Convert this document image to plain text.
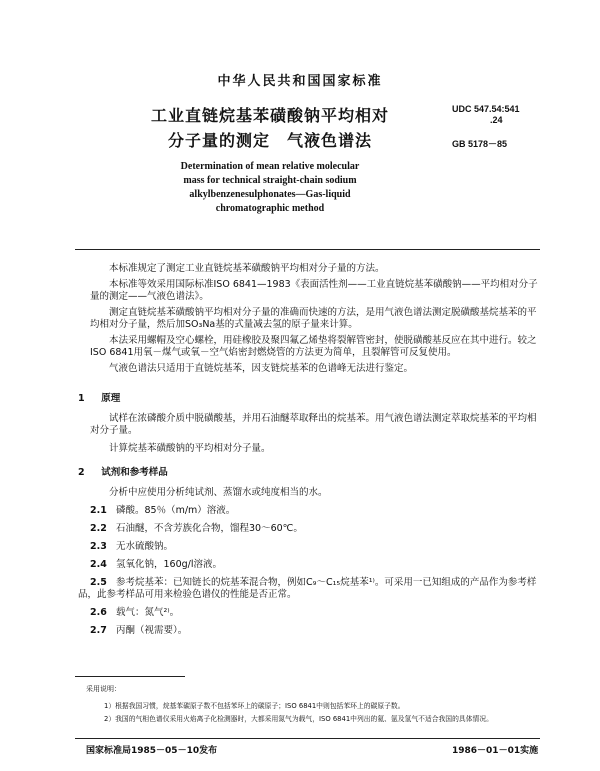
中华人民共和国国家标准
工业直链烷基苯磺酸钠平均相对
分子量的测定　气液色谱法
UDC 547.54:541
.24
GB 5178－85
Determination of mean relative molecular
mass for technical straight-chain sodium
alkylbenzenesulphonates—Gas-liquid
chromatographic method

本标准规定了测定工业直链烷基苯磺酸钠平均相对分子量的方法。

本标准等效采用国际标准ISO 6841—1983《表面活性剂——工业直链烷基苯磺酸钠——平均相对分子量的测定——气液色谱法》。

测定直链烷基苯磺酸钠平均相对分子量的准确而快速的方法，是用气液色谱法测定脱磺酸基烷基苯的平均相对分子量，然后加SO₃Na基的式量减去氢的原子量来计算。

本法采用螺帽及空心螺栓，用硅橡胶及聚四氟乙烯垫将裂解管密封，使脱磺酸基反应在其中进行。较之ISO 6841用氧－煤气或氧－空气焰密封燃烧管的方法更为简单，且裂解管可反复使用。

气液色谱法只适用于直链烷基苯，因支链烷基苯的色谱峰无法进行鉴定。

1 原理

试样在浓磷酸介质中脱磺酸基，并用石油醚萃取释出的烷基苯。用气液色谱法测定萃取烷基苯的平均相对分子量。

计算烷基苯磺酸钠的平均相对分子量。

2 试剂和参考样品

分析中应使用分析纯试剂、蒸馏水或纯度相当的水。

2.1 磷酸。85％（m/m）溶液。
2.2 石油醚，不含芳族化合物，馏程30～60℃。
2.3 无水硫酸钠。
2.4 氢氧化钠，160g/l溶液。
2.5 参考烷基苯：已知链长的烷基苯混合物，例如C₉～C₁₅烷基苯¹⁾。可采用一已知组成的产品作为参考样品，此参考样品可用来检验色谱仪的性能是否正常。
2.6 载气：氮气²⁾。
2.7 丙酮（视需要）。
采用说明：
1）根据我国习惯，烷基苯碳原子数不包括苯环上的碳原子；ISO 6841中则包括苯环上的碳原子数。
2）我国的气相色谱仪采用火焰离子化检测器时，大都采用氮气为载气，ISO 6841中列出的氦、氩及氢气不适合我国的具体情况。
国家标准局1985－05－10发布	1986－01－01实施
